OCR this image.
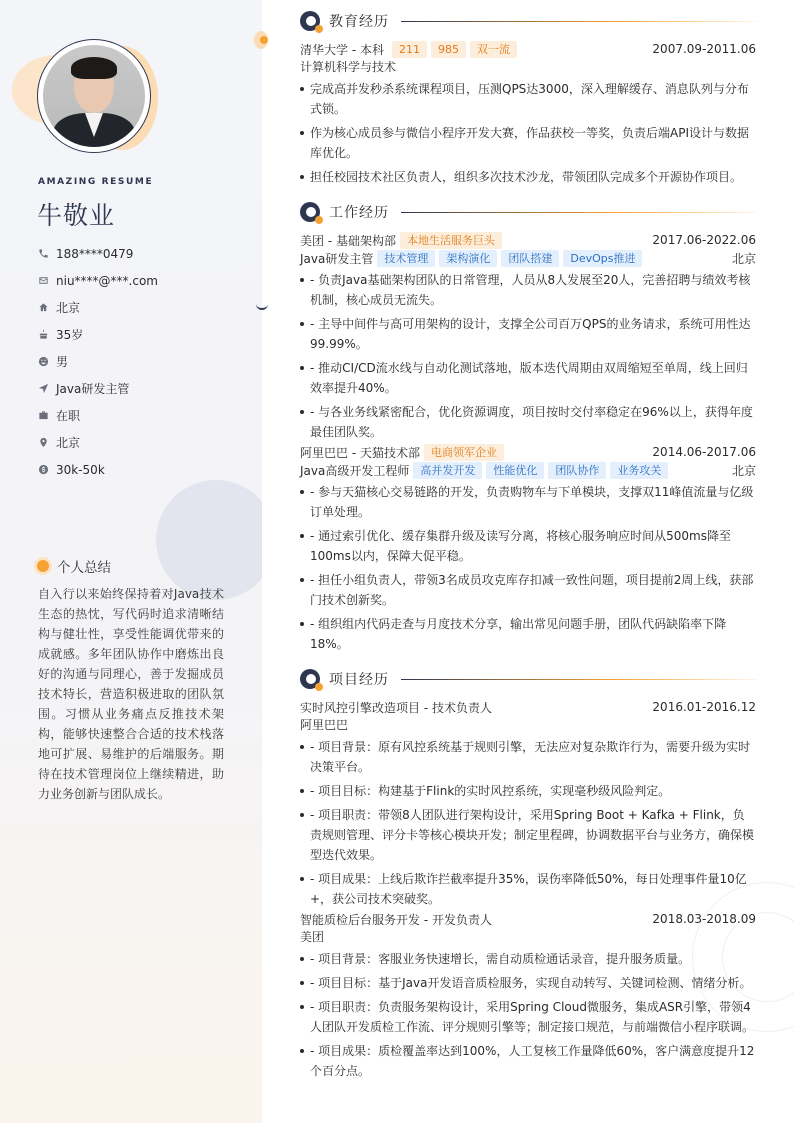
AMAZING RESUME
牛敬业
188****0479
niu****@***.com
北京
35岁
男
Java研发主管
在职
北京
30k-50k
个人总结

自入行以来始终保持着对Java技术生态的热忱，写代码时追求清晰结构与健壮性，享受性能调优带来的成就感。多年团队协作中磨炼出良好的沟通与同理心，善于发掘成员技术特长，营造积极进取的团队氛围。习惯从业务痛点反推技术架构，能够快速整合合适的技术栈落地可扩展、易维护的后端服务。期待在技术管理岗位上继续精进，助力业务创新与团队成长。

教育经历
清华大学 - 本科	211	985	双一流	2007.09-2011.06
计算机科学与技术
完成高并发秒杀系统课程项目，压测QPS达3000，深入理解缓存、消息队列与分布式锁。
作为核心成员参与微信小程序开发大赛，作品获校一等奖，负责后端API设计与数据库优化。
担任校园技术社区负责人，组织多次技术沙龙，带领团队完成多个开源协作项目。
工作经历
美团 - 基础架构部	本地生活服务巨头	2017.06-2022.06
Java研发主管	技术管理	架构演化	团队搭建	DevOps推进	北京
- 负责Java基础架构团队的日常管理，人员从8人发展至20人，完善招聘与绩效考核机制，核心成员无流失。
- 主导中间件与高可用架构的设计，支撑全公司百万QPS的业务请求，系统可用性达99.99%。
- 推动CI/CD流水线与自动化测试落地，版本迭代周期由双周缩短至单周，线上回归效率提升40%。
- 与各业务线紧密配合，优化资源调度，项目按时交付率稳定在96%以上，获得年度最佳团队奖。
阿里巴巴 - 天猫技术部	电商领军企业	2014.06-2017.06
Java高级开发工程师	高并发开发	性能优化	团队协作	业务攻关	北京
- 参与天猫核心交易链路的开发，负责购物车与下单模块，支撑双11峰值流量与亿级订单处理。
- 通过索引优化、缓存集群升级及读写分离，将核心服务响应时间从500ms降至100ms以内，保障大促平稳。
- 担任小组负责人，带领3名成员攻克库存扣减一致性问题，项目提前2周上线，获部门技术创新奖。
- 组织组内代码走查与月度技术分享，输出常见问题手册，团队代码缺陷率下降18%。
项目经历
实时风控引擎改造项目 - 技术负责人	2016.01-2016.12
阿里巴巴
- 项目背景：原有风控系统基于规则引擎，无法应对复杂欺诈行为，需要升级为实时决策平台。
- 项目目标：构建基于Flink的实时风控系统，实现毫秒级风险判定。
- 项目职责：带领8人团队进行架构设计，采用Spring Boot + Kafka + Flink，负责规则管理、评分卡等核心模块开发；制定里程碑，协调数据平台与业务方，确保模型迭代效果。
- 项目成果：上线后欺诈拦截率提升35%，误伤率降低50%，每日处理事件量10亿+，获公司技术突破奖。
智能质检后台服务开发 - 开发负责人	2018.03-2018.09
美团
- 项目背景：客服业务快速增长，需自动质检通话录音，提升服务质量。
- 项目目标：基于Java开发语音质检服务，实现自动转写、关键词检测、情绪分析。
- 项目职责：负责服务架构设计，采用Spring Cloud微服务，集成ASR引擎，带领4人团队开发质检工作流、评分规则引擎等；制定接口规范，与前端微信小程序联调。
- 项目成果：质检覆盖率达到100%，人工复核工作量降低60%，客户满意度提升12个百分点。
